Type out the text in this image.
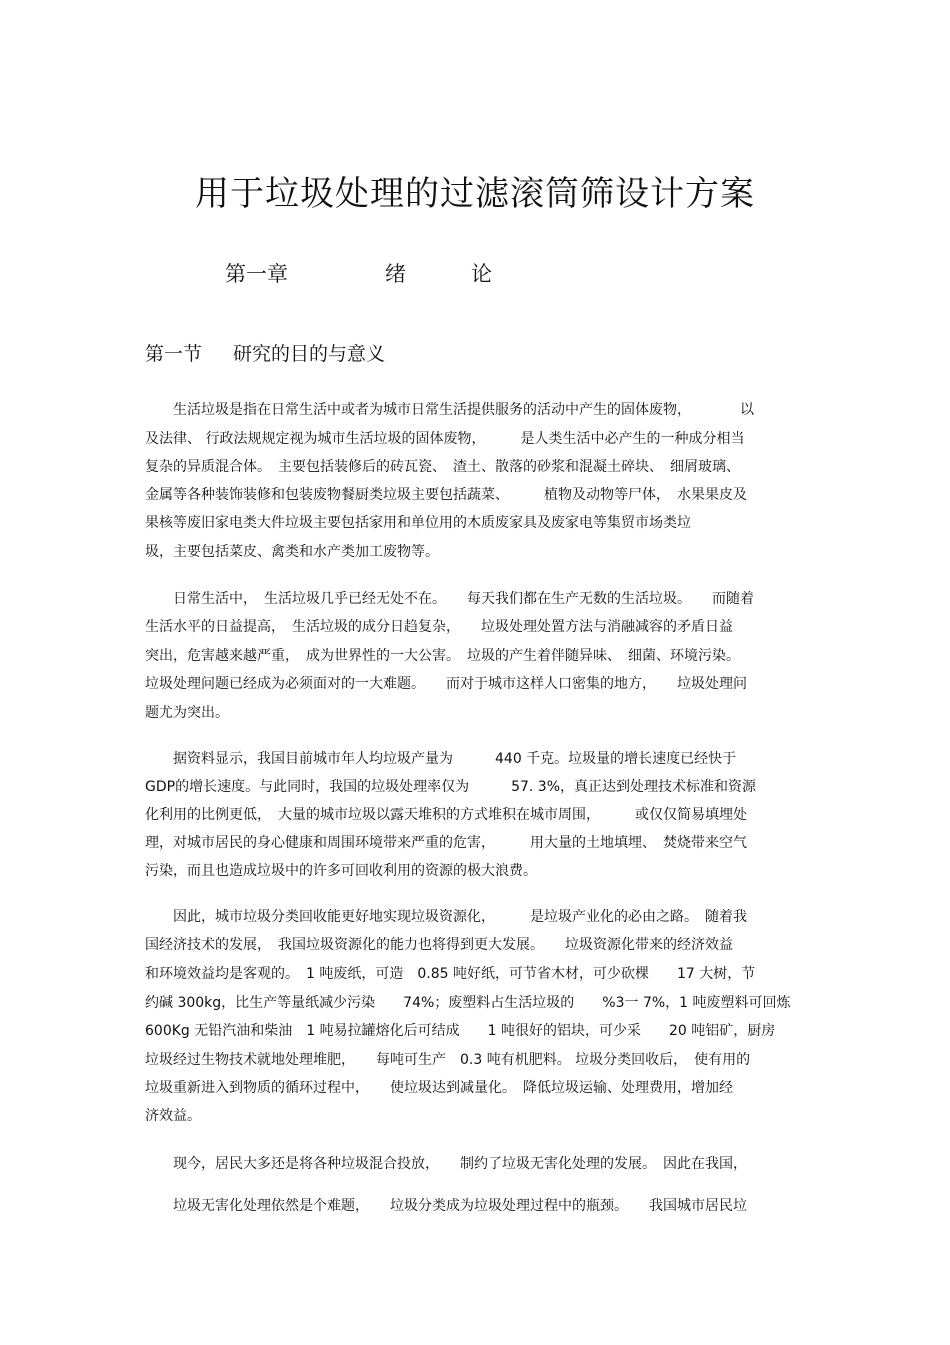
用于垃圾处理的过滤滚筒筛设计方案
第一章	绪　论
第一节 研究的目的与意义
　　生活垃圾是指在日常生活中或者为城市日常生活提供服务的活动中产生的固体废物，　　　　以
及法律、 行政法规规定视为城市生活垃圾的固体废物，　　　是人类生活中必产生的一种成分相当
复杂的异质混合体。　主要包括装修后的砖瓦瓷、　渣土、散落的砂浆和混凝土碎块、　细屑玻璃、
金属等各种装饰装修和包装废物餐厨类垃圾主要包括蔬菜、　　　植物及动物等尸体，　水果果皮及
果核等废旧家电类大件垃圾主要包括家用和单位用的木质废家具及废家电等集贸市场类垃
圾，主要包括菜皮、禽类和水产类加工废物等。
　　日常生活中，　生活垃圾几乎已经无处不在。　　每天我们都在生产无数的生活垃圾。　　而随着
生活水平的日益提高，　生活垃圾的成分日趋复杂，　　垃圾处理处置方法与消融减容的矛盾日益
突出，危害越来越严重，　成为世界性的一大公害。　垃圾的产生着伴随异味、　细菌、环境污染。
垃圾处理问题已经成为必须面对的一大难题。　　而对于城市这样人口密集的地方，　　垃圾处理问
题尤为突出。
　　据资料显示，我国目前城市年人均垃圾产量为　　　440 千克。垃圾量的增长速度已经快于
GDP的增长速度。与此同时，我国的垃圾处理率仅为　　　57. 3%，真正达到处理技术标准和资源
化利用的比例更低，　大量的城市垃圾以露天堆积的方式堆积在城市周围，　　　或仅仅简易填埋处
理，对城市居民的身心健康和周围环境带来严重的危害，　　　用大量的土地填埋、　焚烧带来空气
污染，而且也造成垃圾中的许多可回收利用的资源的极大浪费。
　　因此，城市垃圾分类回收能更好地实现垃圾资源化，　　　是垃圾产业化的必由之路。　随着我
国经济技术的发展，　我国垃圾资源化的能力也将得到更大发展。　　垃圾资源化带来的经济效益
和环境效益均是客观的。　1 吨废纸，可造　0.85 吨好纸，可节省木材，可少砍棵　　17 大树，节
约碱 300kg，比生产等量纸减少污染　　74%；废塑料占生活垃圾的　　%3一 7%，1 吨废塑料可回炼
600Kg 无铅汽油和柴油　1 吨易拉罐熔化后可结成　　1 吨很好的铝块，可少采　　20 吨铝矿，厨房
垃圾经过生物技术就地处理堆肥，　　每吨可生产　0.3 吨有机肥料。 垃圾分类回收后，　使有用的
垃圾重新进入到物质的循环过程中，　　使垃圾达到减量化。　降低垃圾运输、处理费用，增加经
济效益。
　　现今，居民大多还是将各种垃圾混合投放，　　制约了垃圾无害化处理的发展。　因此在我国，
　　垃圾无害化处理依然是个难题，　　垃圾分类成为垃圾处理过程中的瓶颈。　　我国城市居民垃
